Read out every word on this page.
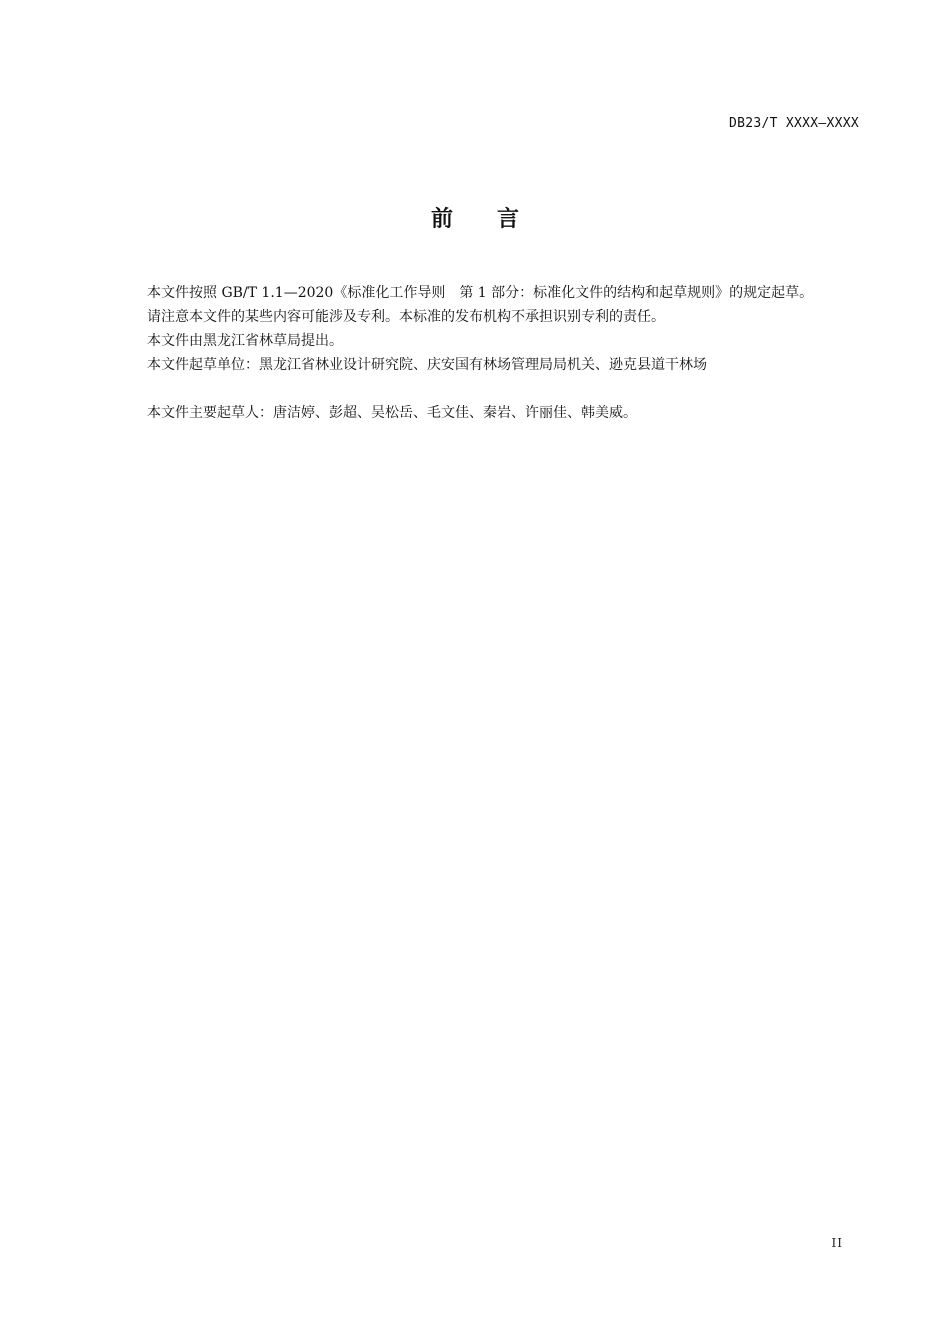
DB23/T XXXX—XXXX
前言

本文件按照 GB/T 1.1—2020《标准化工作导则　第 1 部分：标准化文件的结构和起草规则》的规定起草。

请注意本文件的某些内容可能涉及专利。本标准的发布机构不承担识别专利的责任。

本文件由黑龙江省林草局提出。

本文件起草单位：黑龙江省林业设计研究院、庆安国有林场管理局局机关、逊克县道干林场

本文件主要起草人：唐洁婷、彭超、吴松岳、毛文佳、秦岩、许丽佳、韩美威。

II
